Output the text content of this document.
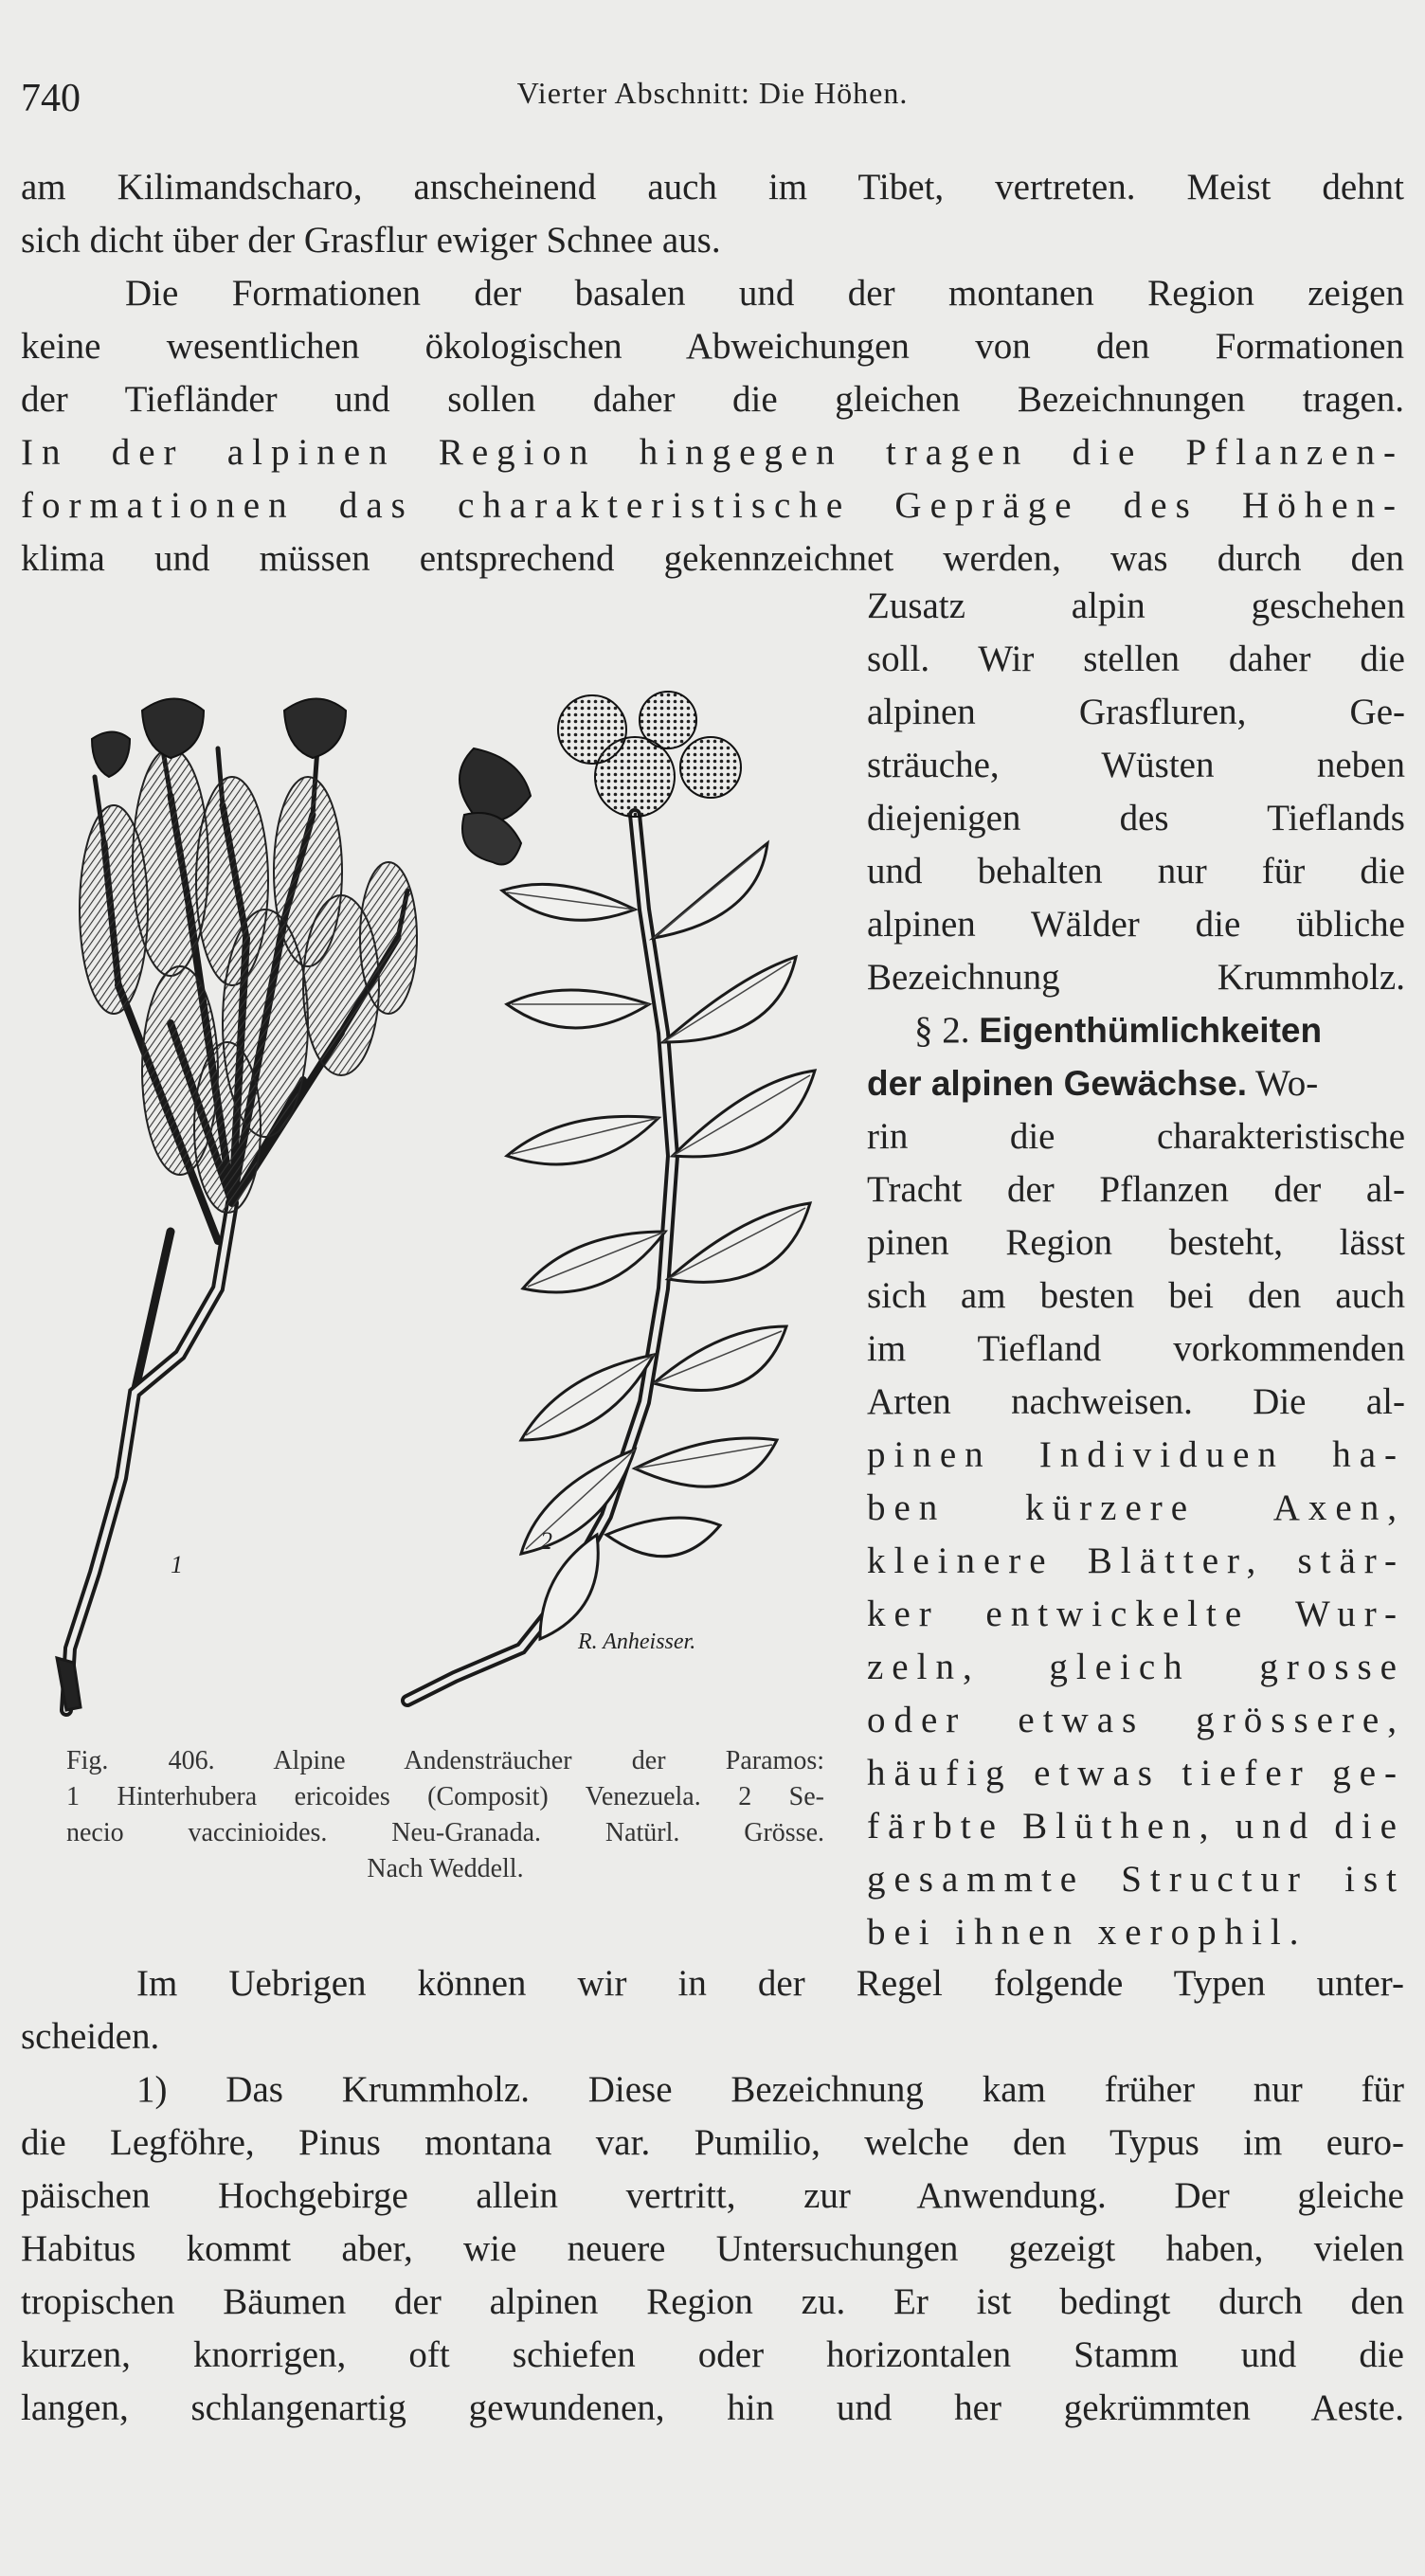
740	Vierter Abschnitt: Die Höhen.

am Kilimandscharo, anscheinend auch im Tibet, vertreten. Meist dehnt
sich dicht über der Grasflur ewiger Schnee aus.
Die Formationen der basalen und der montanen Region zeigen
keine wesentlichen ökologischen Abweichungen von den Formationen
der Tiefländer und sollen daher die gleichen Bezeichnungen tragen.
In der alpinen Region hingegen tragen die Pflanzen-
formationen das charakteristische Gepräge des Höhen-
klima und müssen entsprechend gekennzeichnet werden, was durch den

Zusatz alpin geschehen
soll. Wir stellen daher die
alpinen Grasfluren, Ge-
sträuche, Wüsten neben
diejenigen des Tieflands
und behalten nur für die
alpinen Wälder die übliche
Bezeichnung Krummholz.
§ 2. Eigenthümlichkeiten
der alpinen Gewächse. Wo-
rin die charakteristische
Tracht der Pflanzen der al-
pinen Region besteht, lässt
sich am besten bei den auch
im Tiefland vorkommenden
Arten nachweisen. Die al-
pinen Individuen ha-
ben kürzere Axen,
kleinere Blätter, stär-
ker entwickelte Wur-
zeln, gleich grosse
oder etwas grössere,
häufig etwas tiefer ge-
färbte Blüthen, und die
gesammte Structur ist
bei ihnen xerophil.

1
2
R. Anheisser.

Fig. 406. Alpine Andensträucher der Paramos:
1 Hinterhubera ericoides (Composit) Venezuela. 2 Se-
necio vaccinioides. Neu-Granada. Natürl. Grösse.
Nach Weddell.

Im Uebrigen können wir in der Regel folgende Typen unter-
scheiden.
1) Das Krummholz. Diese Bezeichnung kam früher nur für
die Legföhre, Pinus montana var. Pumilio, welche den Typus im euro-
päischen Hochgebirge allein vertritt, zur Anwendung. Der gleiche
Habitus kommt aber, wie neuere Untersuchungen gezeigt haben, vielen
tropischen Bäumen der alpinen Region zu. Er ist bedingt durch den
kurzen, knorrigen, oft schiefen oder horizontalen Stamm und die
langen, schlangenartig gewundenen, hin und her gekrümmten Aeste.
